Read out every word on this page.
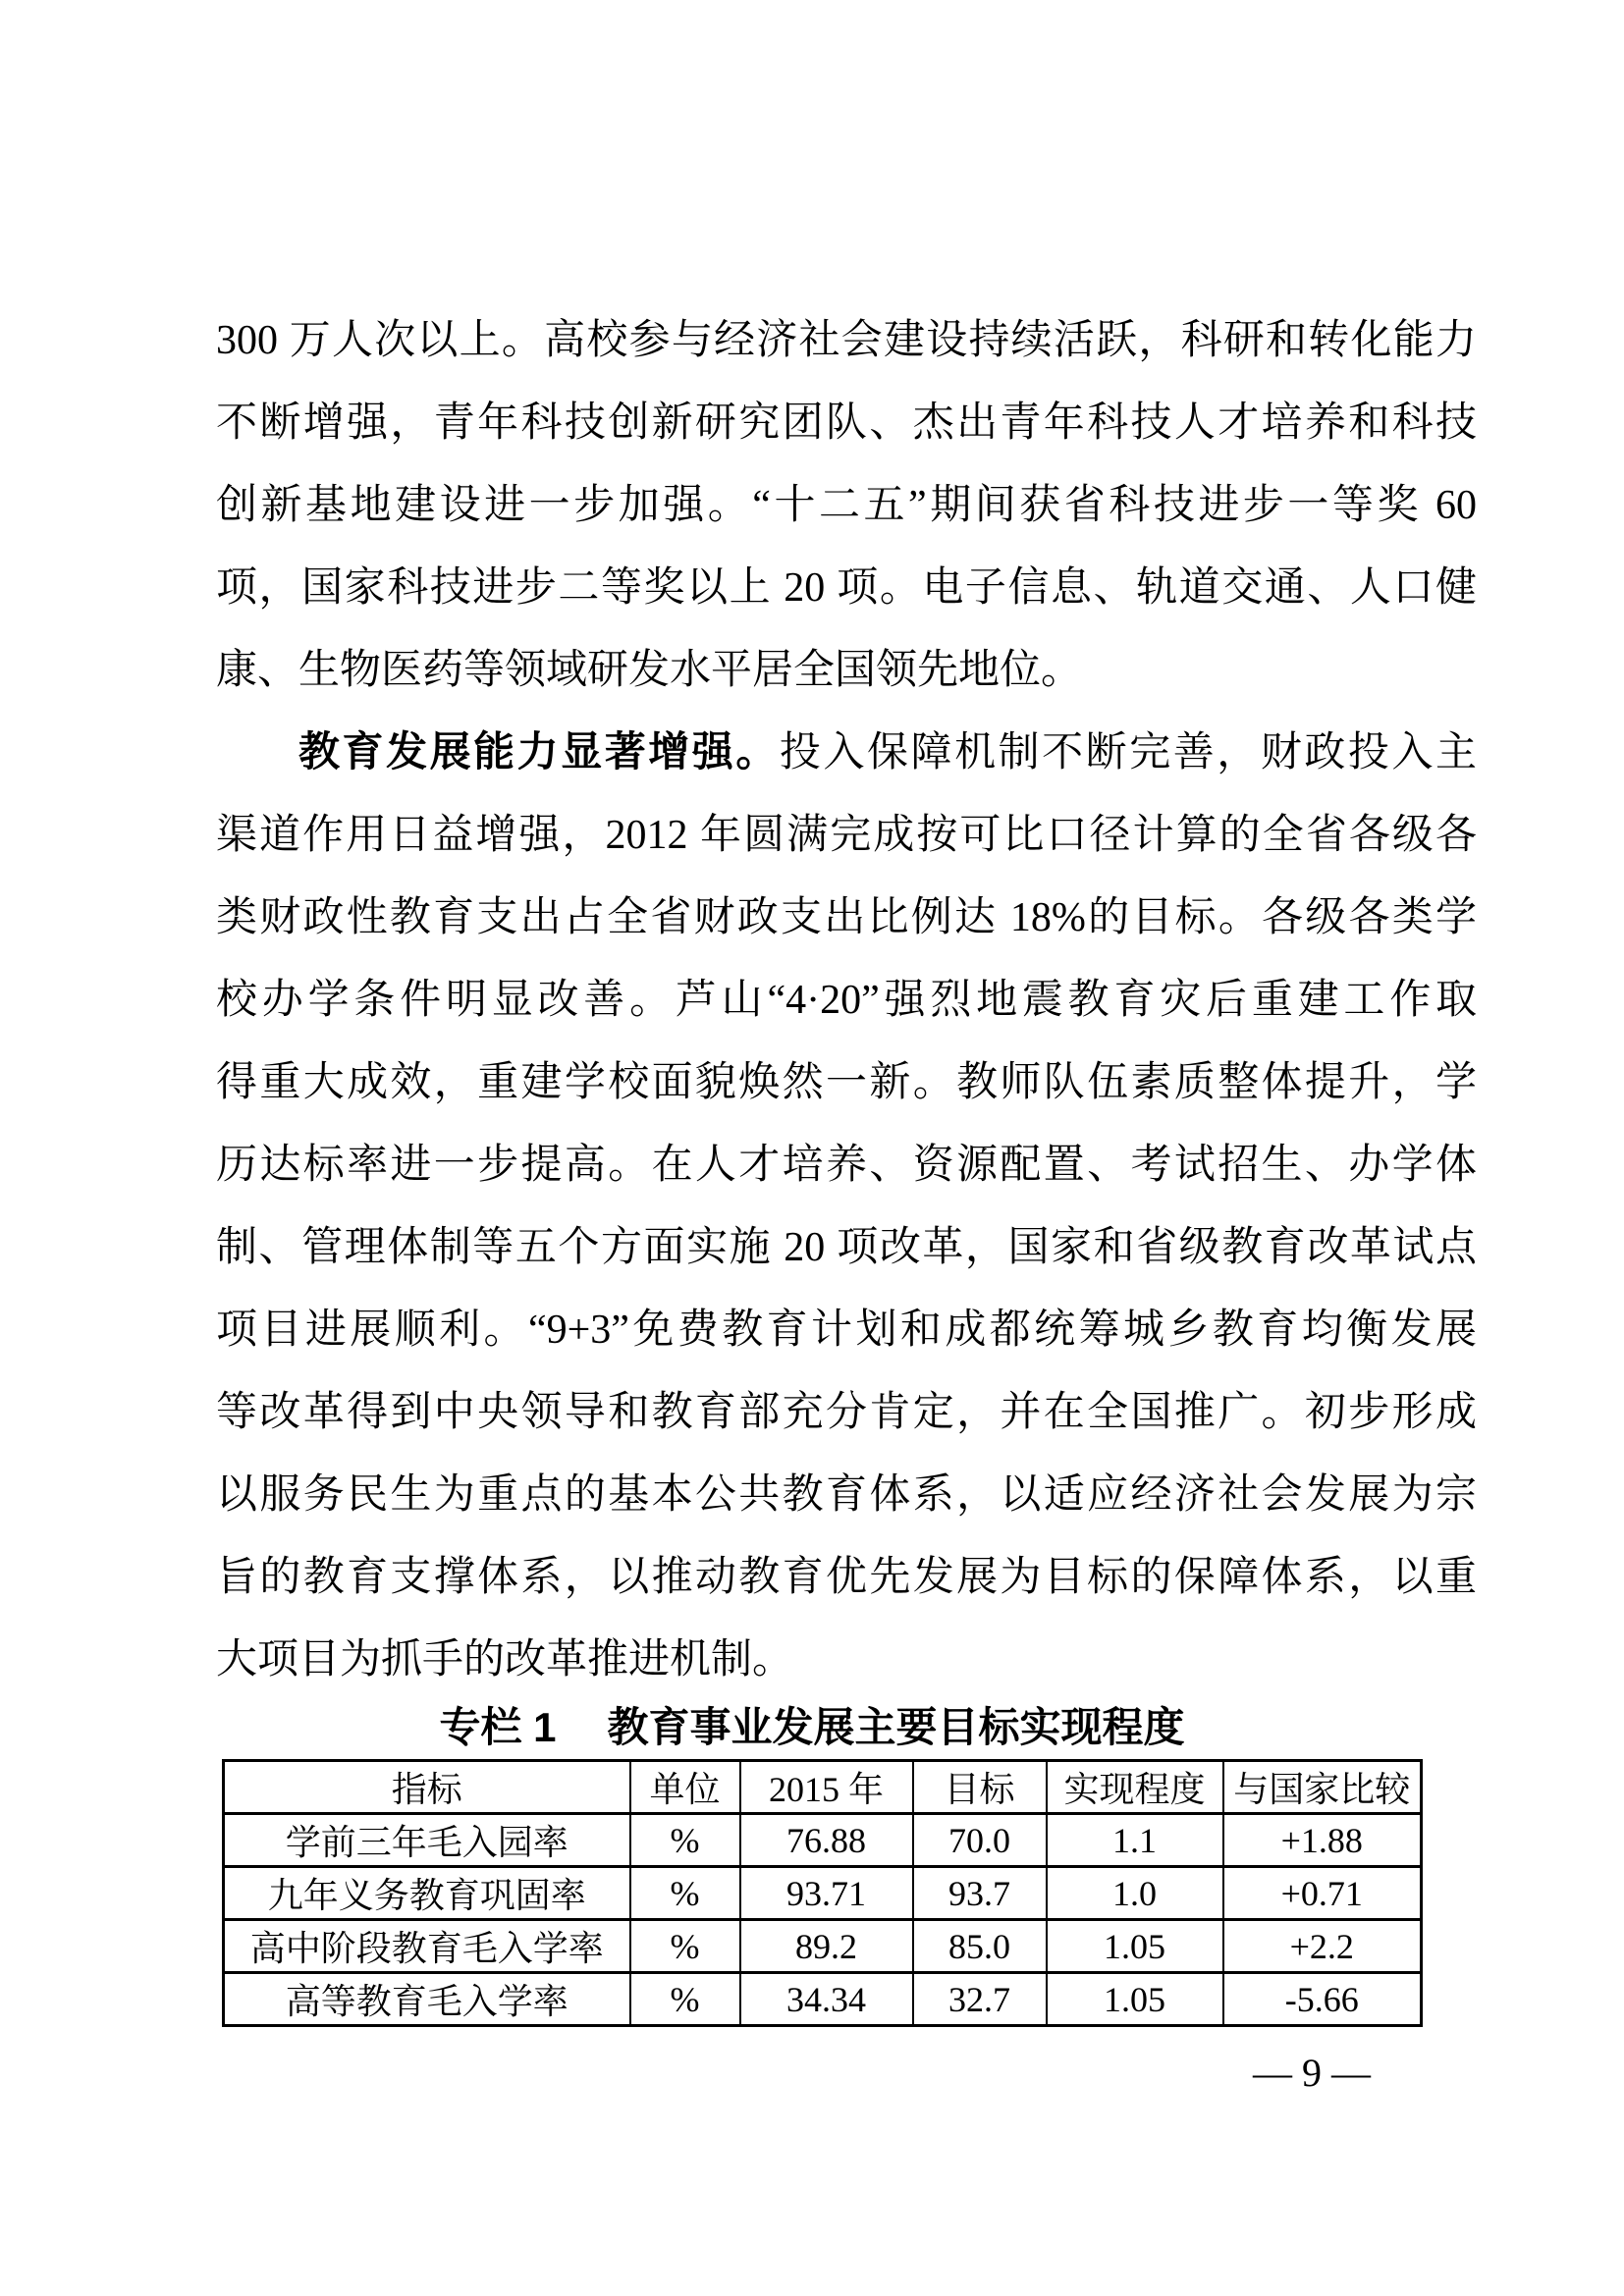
300 万人次以上。高校参与经济社会建设持续活跃，科研和转化能力
不断增强，青年科技创新研究团队、杰出青年科技人才培养和科技
创新基地建设进一步加强。“十二五”期间获省科技进步一等奖 60
项，国家科技进步二等奖以上 20 项。电子信息、轨道交通、人口健
康、生物医药等领域研发水平居全国领先地位。
教育发展能力显著增强。投入保障机制不断完善，财政投入主
渠道作用日益增强，2012 年圆满完成按可比口径计算的全省各级各
类财政性教育支出占全省财政支出比例达 18%的目标。各级各类学
校办学条件明显改善。芦山“4·20”强烈地震教育灾后重建工作取
得重大成效，重建学校面貌焕然一新。教师队伍素质整体提升，学
历达标率进一步提高。在人才培养、资源配置、考试招生、办学体
制、管理体制等五个方面实施 20 项改革，国家和省级教育改革试点
项目进展顺利。“9+3”免费教育计划和成都统筹城乡教育均衡发展
等改革得到中央领导和教育部充分肯定，并在全国推广。初步形成
以服务民生为重点的基本公共教育体系，以适应经济社会发展为宗
旨的教育支撑体系，以推动教育优先发展为目标的保障体系，以重
大项目为抓手的改革推进机制。
专栏 1 教育事业发展主要目标实现程度
指标	单位	2015 年	目标	实现程度	与国家比较
学前三年毛入园率	%	76.88	70.0	1.1	+1.88
九年义务教育巩固率	%	93.71	93.7	1.0	+0.71
高中阶段教育毛入学率	%	89.2	85.0	1.05	+2.2
高等教育毛入学率	%	34.34	32.7	1.05	-5.66
— 9 —
